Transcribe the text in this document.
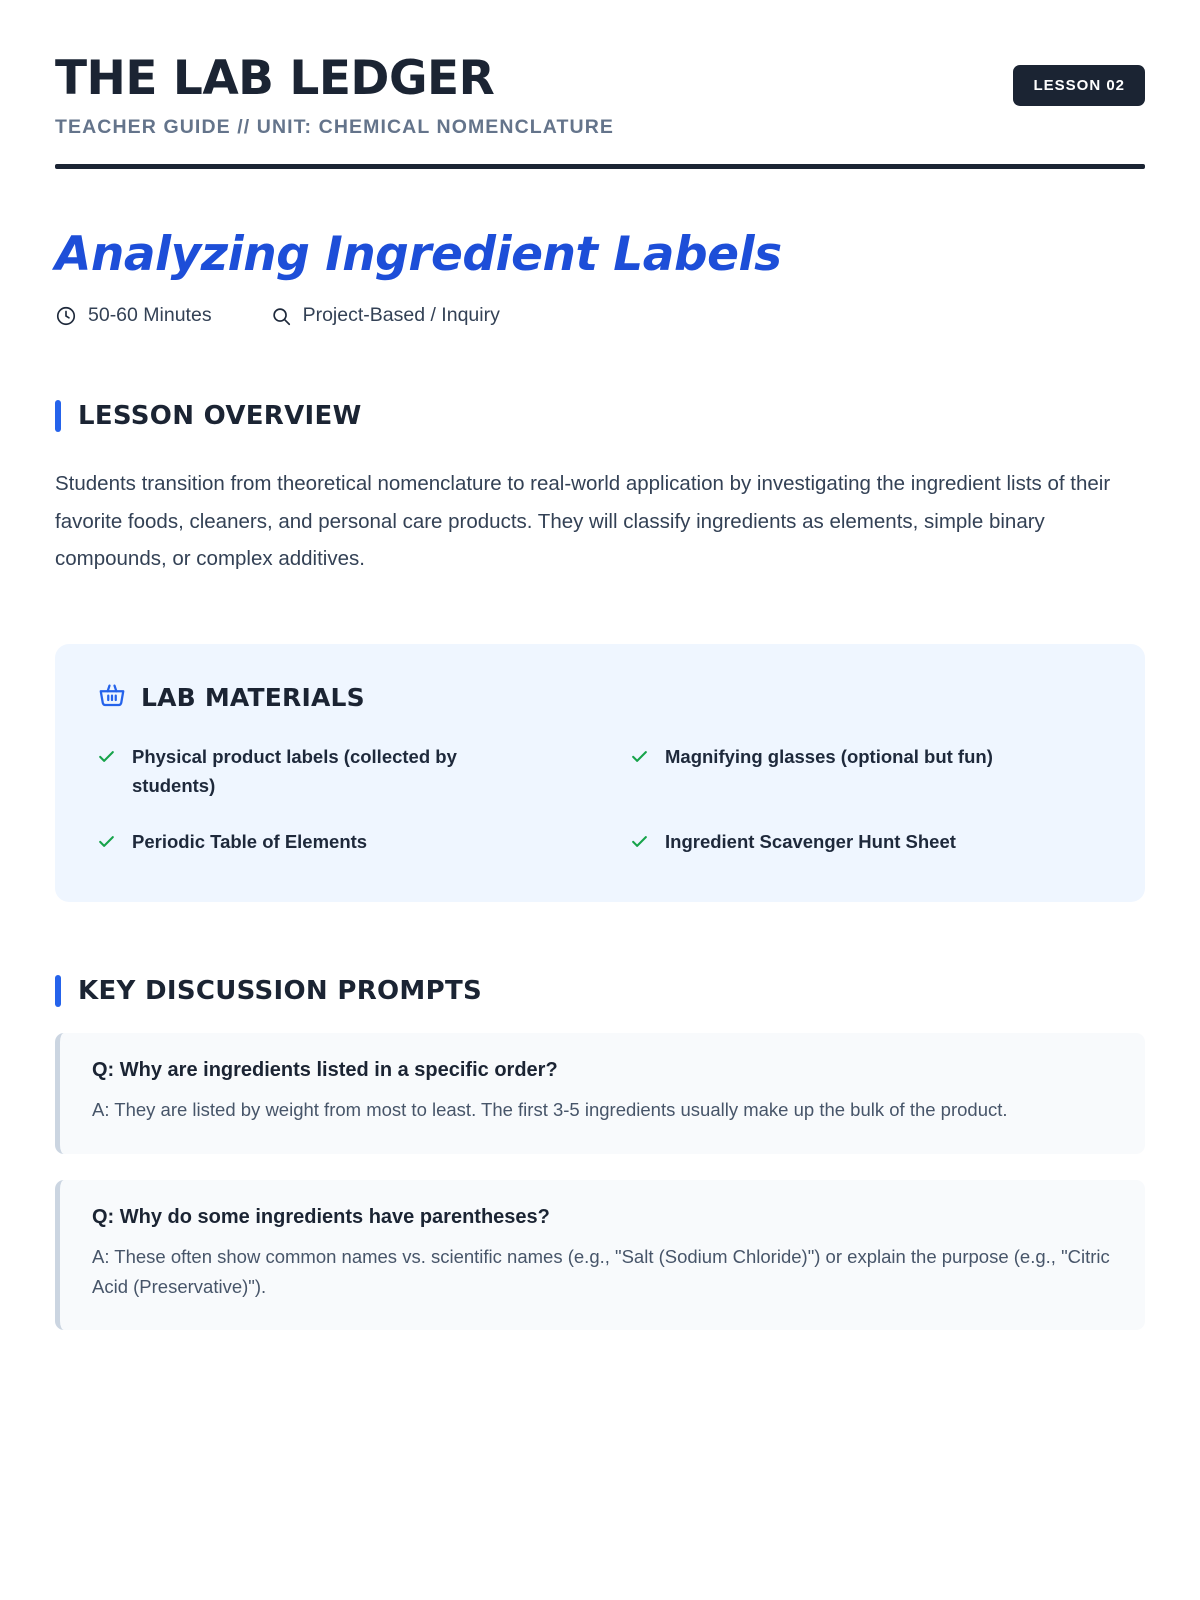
THE LAB LEDGER
TEACHER GUIDE // UNIT: CHEMICAL NOMENCLATURE
LESSON 02
Analyzing Ingredient Labels
50-60 Minutes	Project-Based / Inquiry
LESSON OVERVIEW

Students transition from theoretical nomenclature to real-world application by investigating the ingredient lists of their favorite foods, cleaners, and personal care products. They will classify ingredients as elements, simple binary compounds, or complex additives.

LAB MATERIALS
Physical product labels (collected by students)
Magnifying glasses (optional but fun)
Periodic Table of Elements	Ingredient Scavenger Hunt Sheet
KEY DISCUSSION PROMPTS
Q: Why are ingredients listed in a specific order?
A: They are listed by weight from most to least. The first 3-5 ingredients usually make up the bulk of the product.
Q: Why do some ingredients have parentheses?
A: These often show common names vs. scientific names (e.g., "Salt (Sodium Chloride)") or explain the purpose (e.g., "Citric Acid (Preservative)").
